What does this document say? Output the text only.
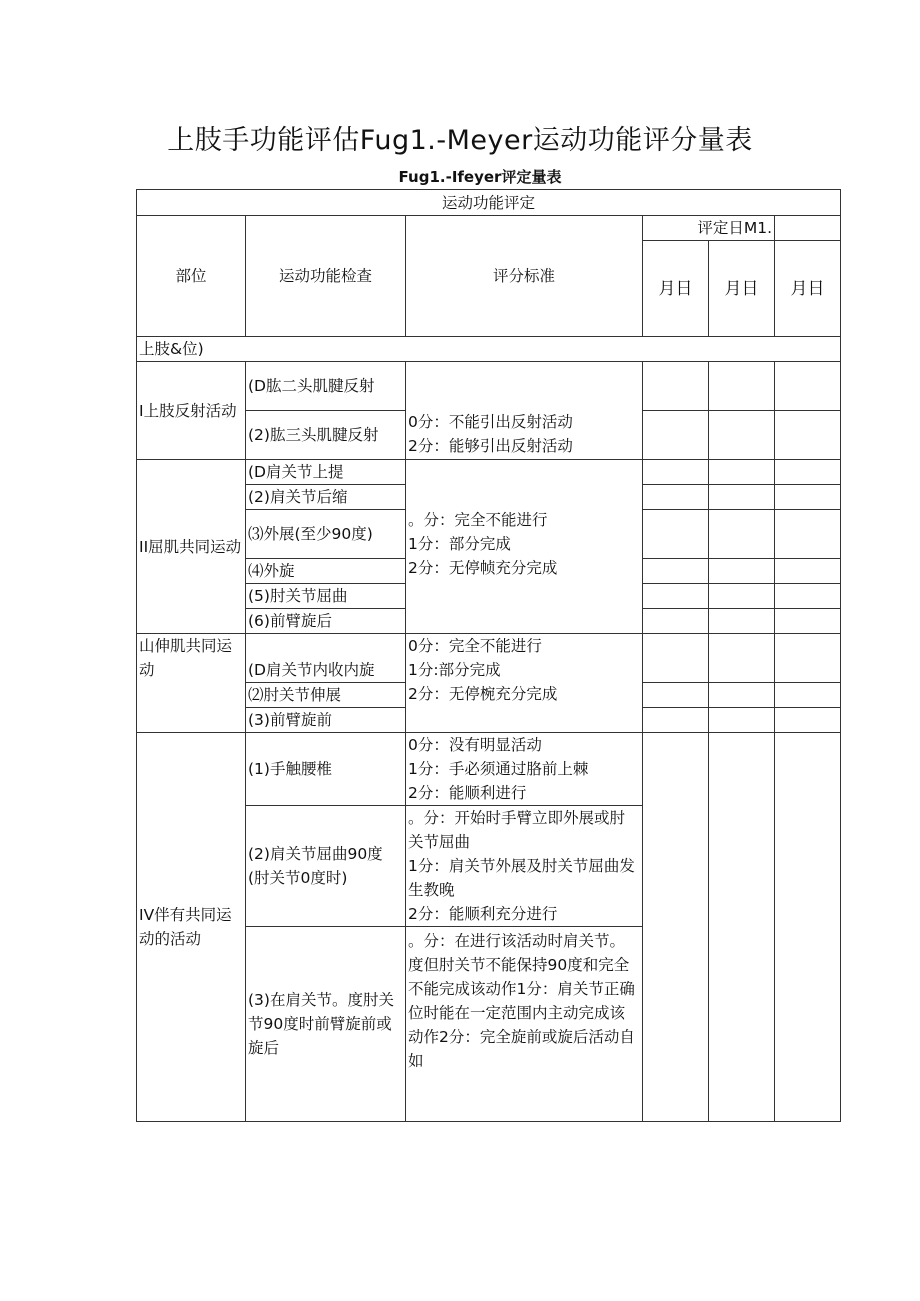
上肢手功能评估Fug1.-Meyer运动功能评分量表
Fug1.-Ifeyer评定量表
运动功能评定					
部位	运动功能检查	评分标准	评定日M1.		
			月日	月日	月日
上肢&位)					
I上肢反射活动	(D肱二头肌腱反射	0分：不能引出反射活动
2分：能够引出反射活动			

	(2)肱三头肌腱反射				
II屈肌共同运动	(D肩关节上提	。分：完全不能进行
1分：部分完成
2分：无停帧充分完成			

	(2)肩关节后缩				
	⑶外展(至少90度)				
	⑷外旋				
	(5)肘关节屈曲				
	(6)前臂旋后				
山伸肌共同运动	(D肩关节内收内旋	0分：完全不能进行
1分:部分完成
2分：无停椀充分完成			

	⑵肘关节伸展				
	(3)前臂旋前				
IV伴有共同运动的活动	(1)手触腰椎	0分：没有明显活动
1分：手必须通过胳前上棘
2分：能顺利进行			

	(2)肩关节屈曲90度(肘关节0度时)	。分：开始时手臂立即外展或肘关节屈曲
1分：肩关节外展及肘关节屈曲发生教晚
2分：能顺利充分进行			

	(3)在肩关节。度肘关节90度时前臂旋前或旋后	。分：在进行该活动时肩关节。度但肘关节不能保持90度和完全不能完成该动作1分：肩关节正确位时能在一定范围内主动完成该动作2分：完全旋前或旋后活动自如			
